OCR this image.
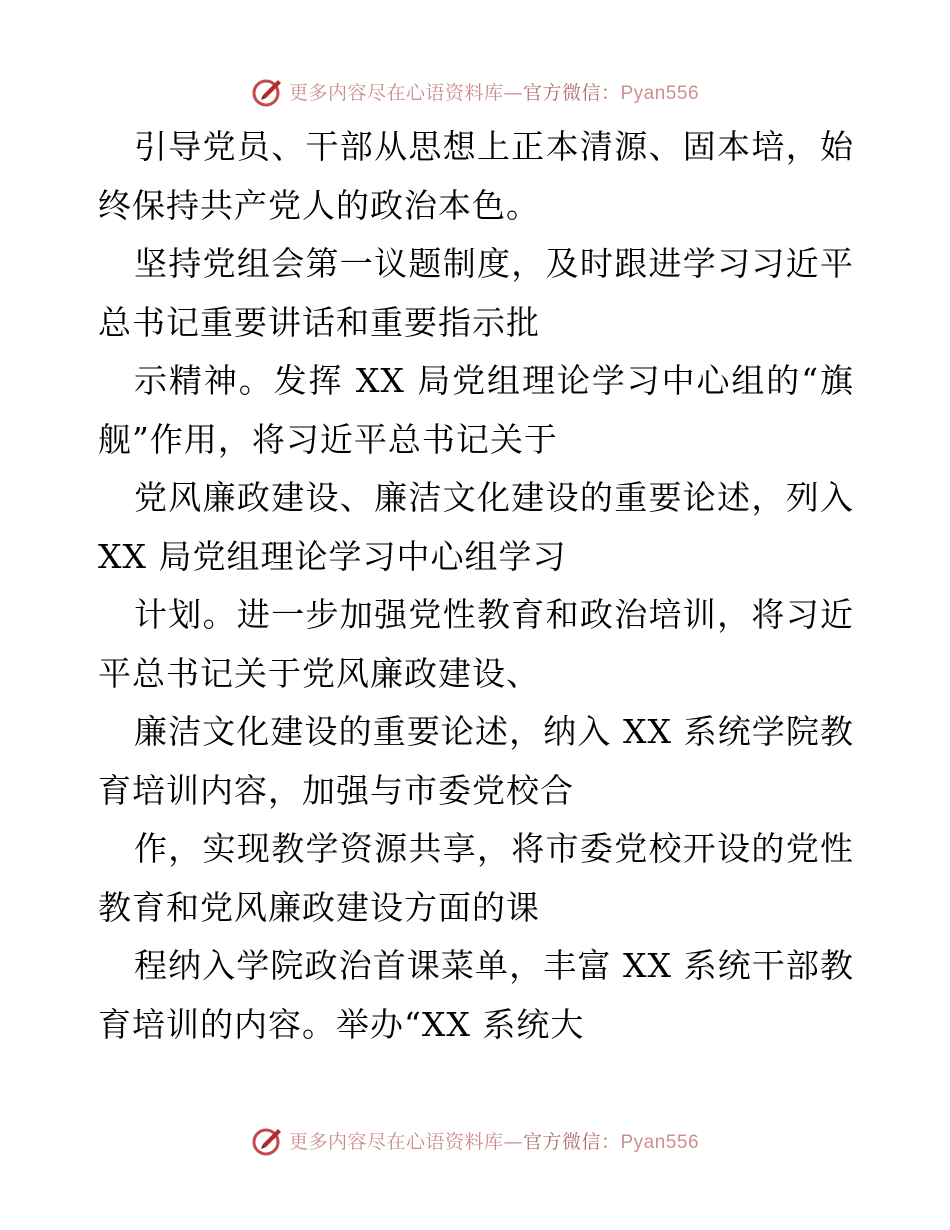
更多内容尽在心语资料库—官方微信：Pyan556
引导党员、干部从思想上正本清源、固本培，始
终保持共产党人的政治本色。
坚持党组会第一议题制度，及时跟进学习习近平
总书记重要讲话和重要指示批
示精神。发挥 XX 局党组理论学习中心组的“旗
舰”作用，将习近平总书记关于
党风廉政建设、廉洁文化建设的重要论述，列入
XX 局党组理论学习中心组学习
计划。进一步加强党性教育和政治培训，将习近
平总书记关于党风廉政建设、
廉洁文化建设的重要论述，纳入 XX 系统学院教
育培训内容，加强与市委党校合
作，实现教学资源共享，将市委党校开设的党性
教育和党风廉政建设方面的课
程纳入学院政治首课菜单，丰富 XX 系统干部教
育培训的内容。举办“XX 系统大
更多内容尽在心语资料库—官方微信：Pyan556
